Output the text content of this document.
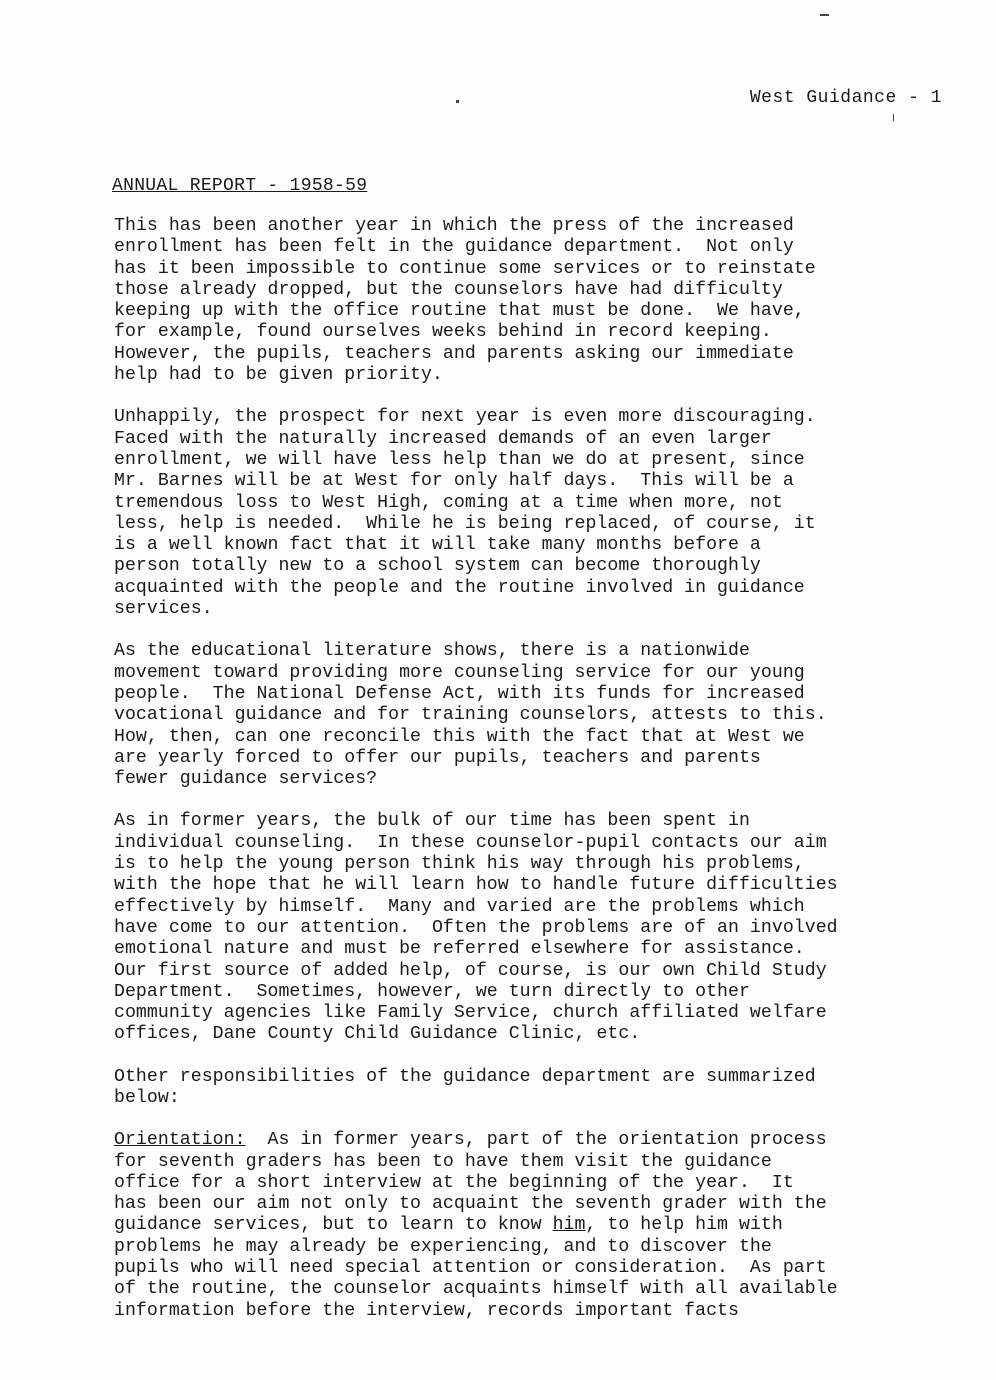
West Guidance - 1
ANNUAL REPORT - 1958-59
This has been another year in which the press of the increased
enrollment has been felt in the guidance department.  Not only
has it been impossible to continue some services or to reinstate
those already dropped, but the counselors have had difficulty
keeping up with the office routine that must be done.  We have,
for example, found ourselves weeks behind in record keeping.
However, the pupils, teachers and parents asking our immediate
help had to be given priority.
Unhappily, the prospect for next year is even more discouraging.
Faced with the naturally increased demands of an even larger
enrollment, we will have less help than we do at present, since
Mr. Barnes will be at West for only half days.  This will be a
tremendous loss to West High, coming at a time when more, not
less, help is needed.  While he is being replaced, of course, it
is a well known fact that it will take many months before a
person totally new to a school system can become thoroughly
acquainted with the people and the routine involved in guidance
services.
As the educational literature shows, there is a nationwide
movement toward providing more counseling service for our young
people.  The National Defense Act, with its funds for increased
vocational guidance and for training counselors, attests to this.
How, then, can one reconcile this with the fact that at West we
are yearly forced to offer our pupils, teachers and parents
fewer guidance services?
As in former years, the bulk of our time has been spent in
individual counseling.  In these counselor-pupil contacts our aim
is to help the young person think his way through his problems,
with the hope that he will learn how to handle future difficulties
effectively by himself.  Many and varied are the problems which
have come to our attention.  Often the problems are of an involved
emotional nature and must be referred elsewhere for assistance.
Our first source of added help, of course, is our own Child Study
Department.  Sometimes, however, we turn directly to other
community agencies like Family Service, church affiliated welfare
offices, Dane County Child Guidance Clinic, etc.
Other responsibilities of the guidance department are summarized
below:
Orientation:  As in former years, part of the orientation process
for seventh graders has been to have them visit the guidance
office for a short interview at the beginning of the year.  It
has been our aim not only to acquaint the seventh grader with the
guidance services, but to learn to know him, to help him with
problems he may already be experiencing, and to discover the
pupils who will need special attention or consideration.  As part
of the routine, the counselor acquaints himself with all available
information before the interview, records important facts
